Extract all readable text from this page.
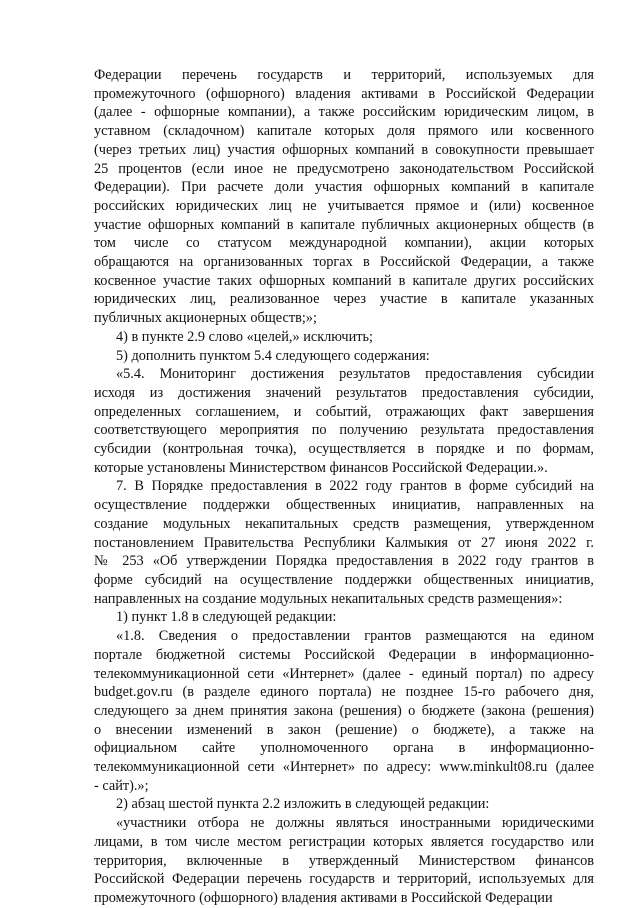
Федерации перечень государств и территорий, используемых для
промежуточного (офшорного) владения активами в Российской Федерации
(далее - офшорные компании), а также российским юридическим лицом, в
уставном (складочном) капитале которых доля прямого или косвенного
(через третьих лиц) участия офшорных компаний в совокупности превышает
25 процентов (если иное не предусмотрено законодательством Российской
Федерации). При расчете доли участия офшорных компаний в капитале
российских юридических лиц не учитывается прямое и (или) косвенное
участие офшорных компаний в капитале публичных акционерных обществ (в
том числе со статусом международной компании), акции которых
обращаются на организованных торгах в Российской Федерации, а также
косвенное участие таких офшорных компаний в капитале других российских
юридических лиц, реализованное через участие в капитале указанных
публичных акционерных обществ;»;
4) в пункте 2.9 слово «целей,» исключить;
5) дополнить пунктом 5.4 следующего содержания:
«5.4. Мониторинг достижения результатов предоставления субсидии
исходя из достижения значений результатов предоставления субсидии,
определенных соглашением, и событий, отражающих факт завершения
соответствующего мероприятия по получению результата предоставления
субсидии (контрольная точка), осуществляется в порядке и по формам,
которые установлены Министерством финансов Российской Федерации.».
7. В Порядке предоставления в 2022 году грантов в форме субсидий на
осуществление поддержки общественных инициатив, направленных на
создание модульных некапитальных средств размещения, утвержденном
постановлением Правительства Республики Калмыкия от 27 июня 2022 г.
№ 253 «Об утверждении Порядка предоставления в 2022 году грантов в
форме субсидий на осуществление поддержки общественных инициатив,
направленных на создание модульных некапитальных средств размещения»:
1) пункт 1.8 в следующей редакции:
«1.8. Сведения о предоставлении грантов размещаются на едином
портале бюджетной системы Российской Федерации в информационно-
телекоммуникационной сети «Интернет» (далее - единый портал) по адресу
budget.gov.ru (в разделе единого портала) не позднее 15-го рабочего дня,
следующего за днем принятия закона (решения) о бюджете (закона (решения)
о внесении изменений в закон (решение) о бюджете), а также на
официальном сайте уполномоченного органа в информационно-
телекоммуникационной сети «Интернет» по адресу: www.minkult08.ru (далее
- сайт).»;
2) абзац шестой пункта 2.2 изложить в следующей редакции:
«участники отбора не должны являться иностранными юридическими
лицами, в том числе местом регистрации которых является государство или
территория, включенные в утвержденный Министерством финансов
Российской Федерации перечень государств и территорий, используемых для
промежуточного (офшорного) владения активами в Российской Федерации
